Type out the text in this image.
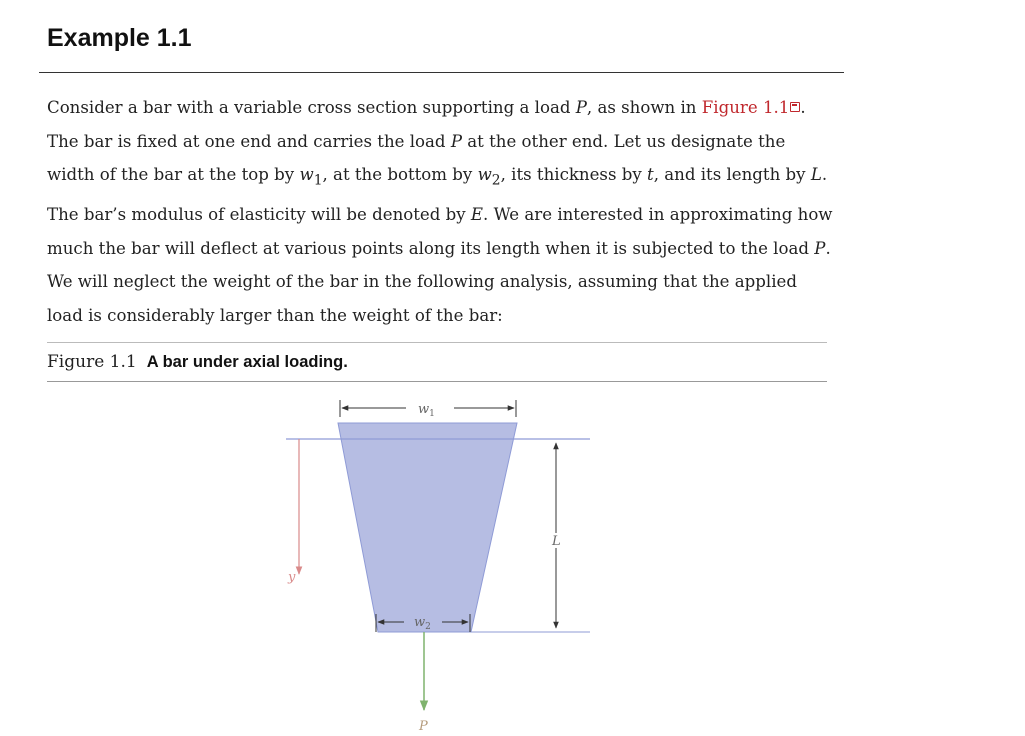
Example 1.1

Consider a bar with a variable cross section supporting a load P, as shown in Figure 1.1 . The bar is fixed at one end and carries the load P at the other end. Let us designate the width of the bar at the top by $w_1$, at the bottom by $w_2$, its thickness by t, and its length by L. The bar’s modulus of elasticity will be denoted by E. We are interested in approximating how much the bar will deflect at various points along its length when it is subjected to the load P. We will neglect the weight of the bar in the following analysis, assuming that the applied load is considerably larger than the weight of the bar:

Figure 1.1 A bar under axial loading.

$w_1$
$w_2$
L
y
P
